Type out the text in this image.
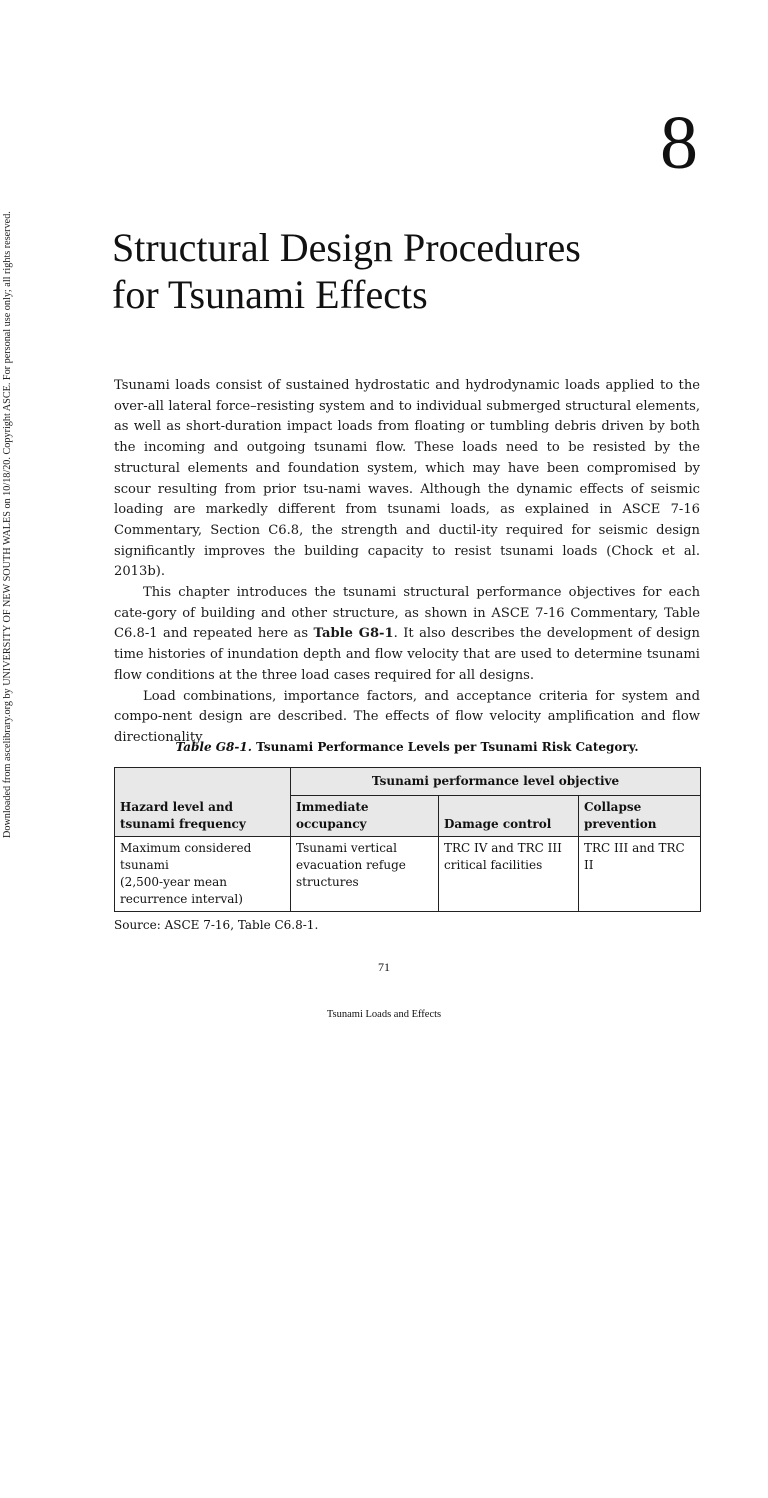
Downloaded from ascelibrary.org by UNIVERSITY OF NEW SOUTH WALES on 10/18/20. Copyright ASCE. For personal use only; all rights reserved.
8
Structural Design Procedures
for Tsunami Effects

Tsunami loads consist of sustained hydrostatic and hydrodynamic loads applied to the over-all lateral force–resisting system and to individual submerged structural elements, as well as short-duration impact loads from floating or tumbling debris driven by both the incoming and outgoing tsunami flow. These loads need to be resisted by the structural elements and foundation system, which may have been compromised by scour resulting from prior tsu-nami waves. Although the dynamic effects of seismic loading are markedly different from tsunami loads, as explained in ASCE 7-16 Commentary, Section C6.8, the strength and ductil-ity required for seismic design significantly improves the building capacity to resist tsunami loads (Chock et al. 2013b).

This chapter introduces the tsunami structural performance objectives for each cate-gory of building and other structure, as shown in ASCE 7-16 Commentary, Table C6.8-1 and repeated here as Table G8-1. It also describes the development of design time histories of inundation depth and flow velocity that are used to determine tsunami flow conditions at the three load cases required for all designs.

Load combinations, importance factors, and acceptance criteria for system and compo-nent design are described. The effects of flow velocity amplification and flow directionality

Table G8-1. Tsunami Performance Levels per Tsunami Risk Category.
Hazard level and tsunami frequency	Tsunami performance level objective		
	Immediate occupancy	Damage control	Collapse prevention
Maximum considered tsunami
(2,500-year mean recurrence interval)	Tsunami vertical evacuation refuge structures	TRC IV and TRC III critical facilities	TRC III and TRC II
Source: ASCE 7-16, Table C6.8-1.
71
Tsunami Loads and Effects
